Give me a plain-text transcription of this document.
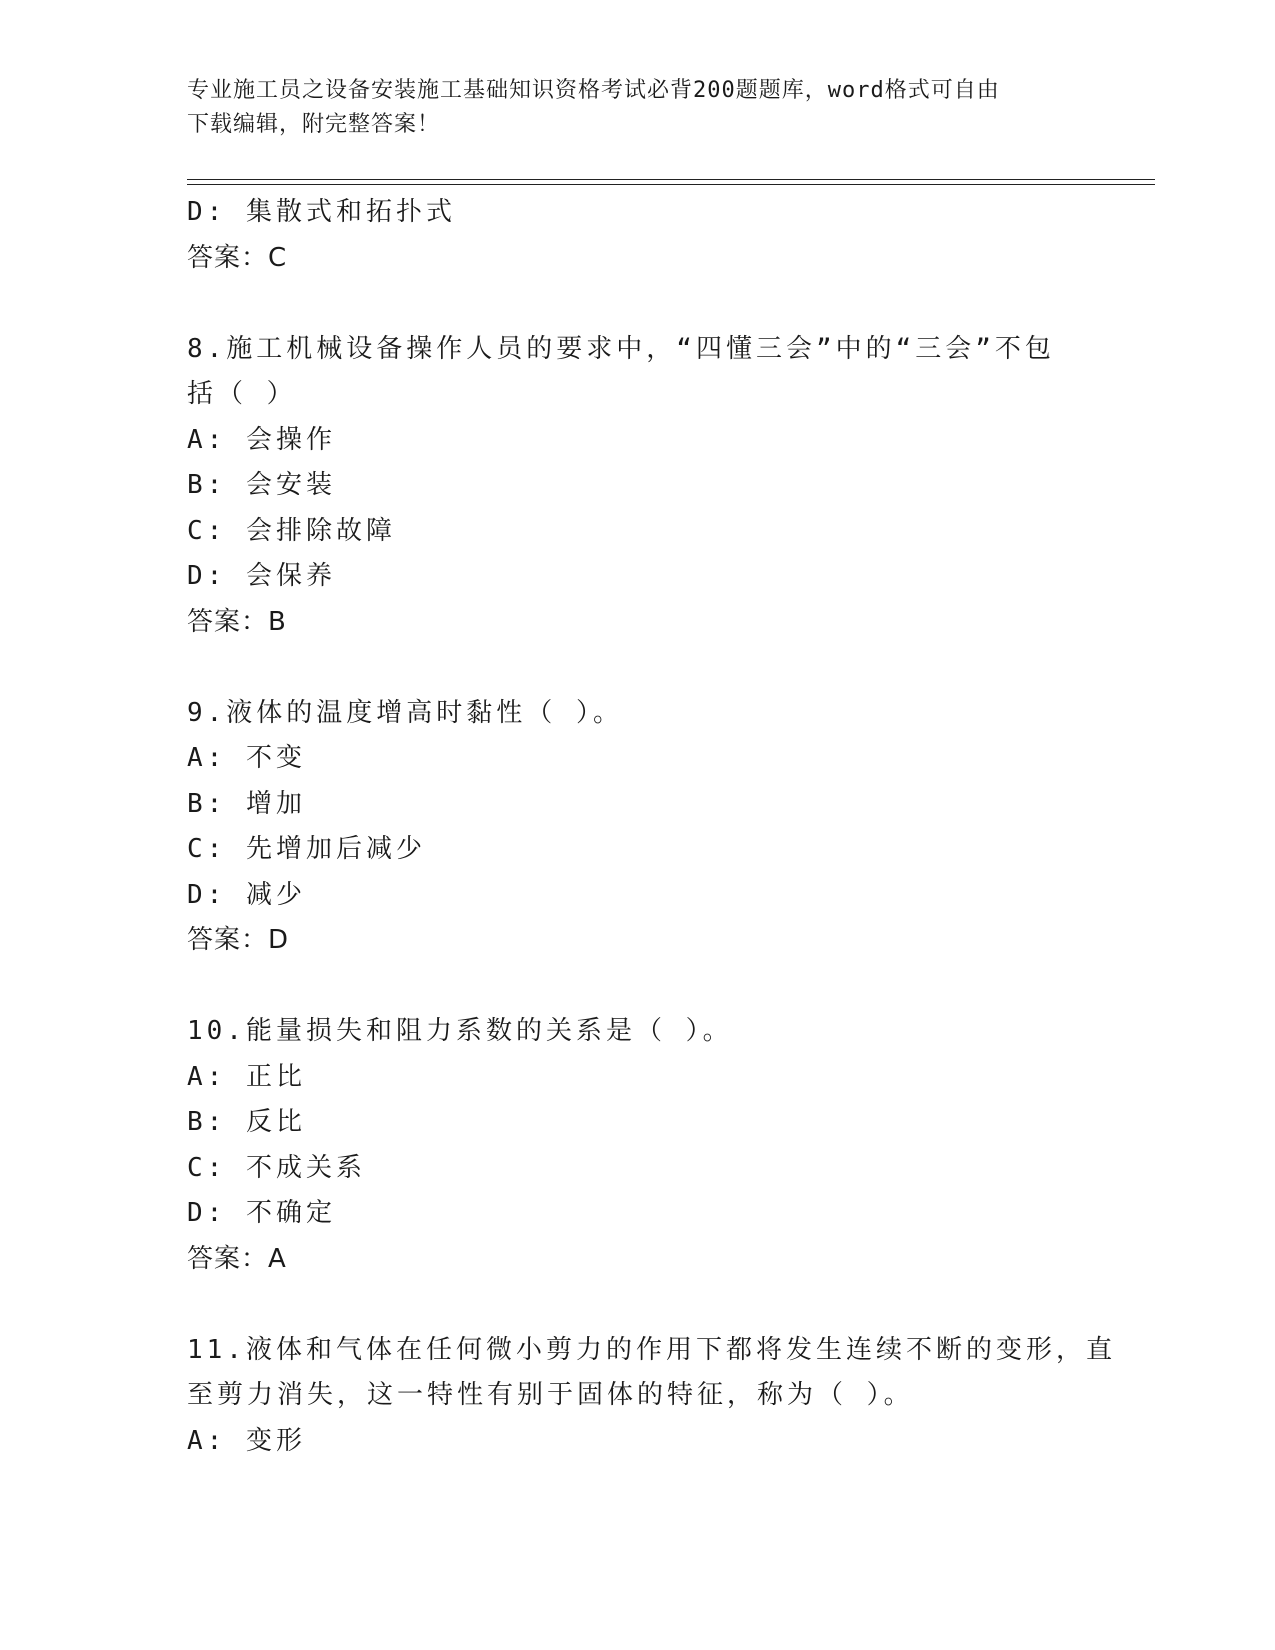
专业施工员之设备安装施工基础知识资格考试必背200题题库，word格式可自由
下载编辑，附完整答案！
D: 集散式和拓扑式
答案：C
8.施工机械设备操作人员的要求中，“四懂三会”中的“三会”不包
括（ ）
A: 会操作
B: 会安装
C: 会排除故障
D: 会保养
答案：B
9.液体的温度增高时黏性（ ）。
A: 不变
B: 增加
C: 先增加后减少
D: 减少
答案：D
10.能量损失和阻力系数的关系是（ ）。
A: 正比
B: 反比
C: 不成关系
D: 不确定
答案：A
11.液体和气体在任何微小剪力的作用下都将发生连续不断的变形，直
至剪力消失，这一特性有别于固体的特征，称为（ ）。
A: 变形
